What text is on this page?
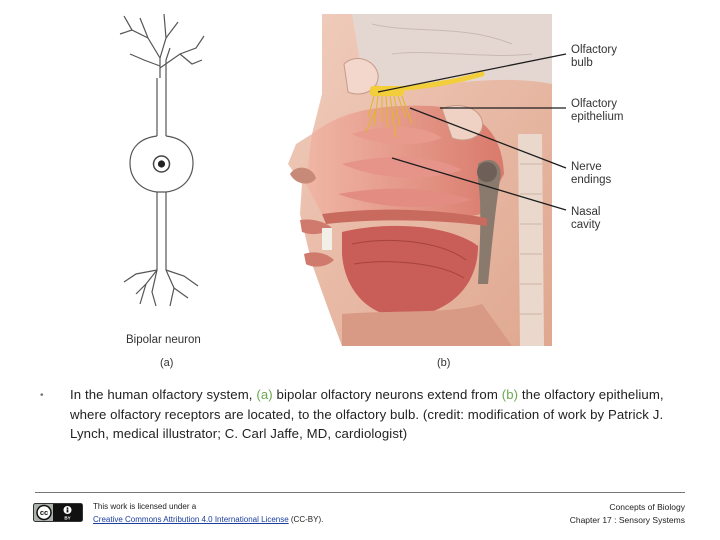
Bipolar neuron
(a)	(b)
Olfactory
bulb
Olfactory
epithelium
Nerve
endings
Nasal
cavity
• In the human olfactory system, (a) bipolar olfactory neurons extend from (b) the olfactory epithelium, where olfactory receptors are located, to the olfactory bulb. (credit: modification of work by Patrick J. Lynch, medical illustrator; C. Carl Jaffe, MD, cardiologist)
cc
BY
This work is licensed under a
Creative Commons Attribution 4.0 International License (CC-BY).
Concepts of Biology
Chapter 17 : Sensory Systems
